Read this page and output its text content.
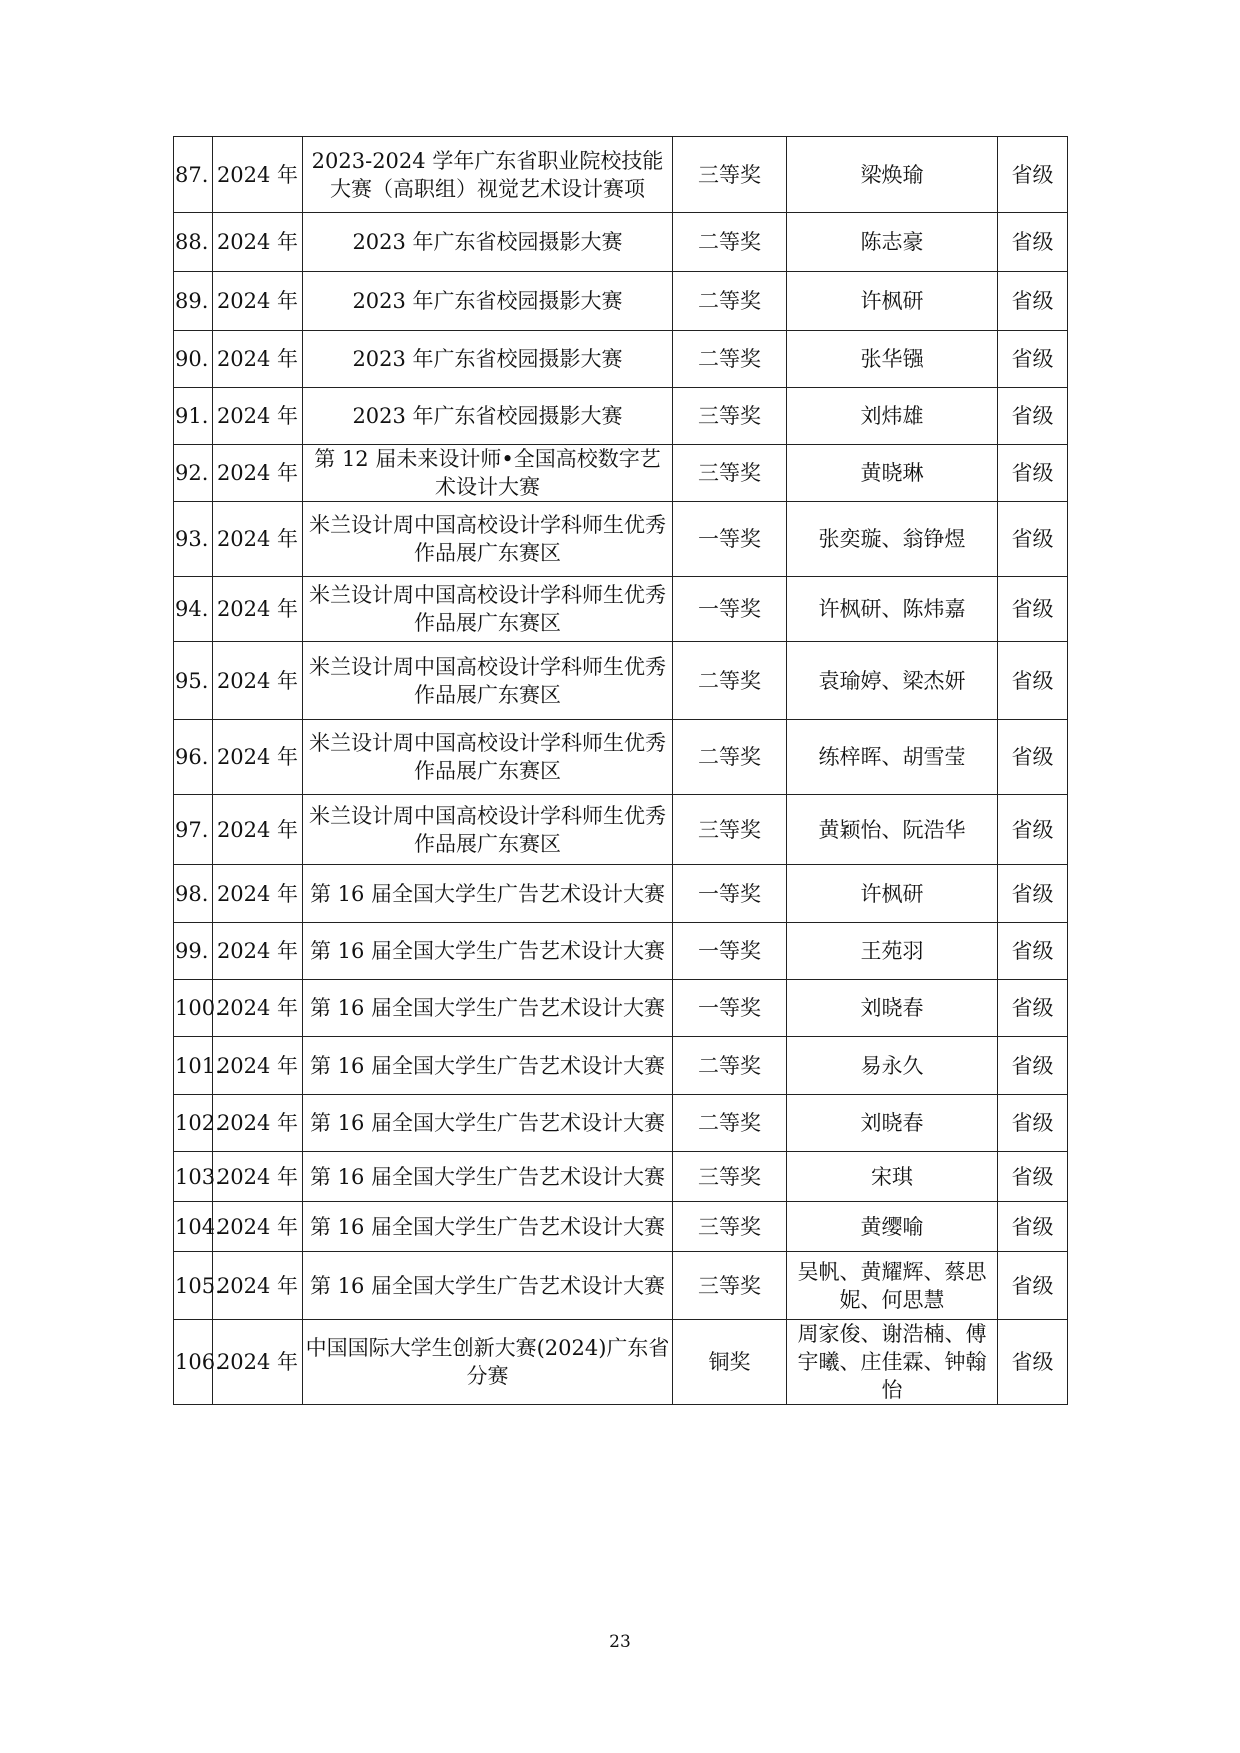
87.	2024 年	2023-2024 学年广东省职业院校技能大赛（高职组）视觉艺术设计赛项	三等奖	梁焕瑜	省级
88.	2024 年	2023 年广东省校园摄影大赛	二等奖	陈志豪	省级
89.	2024 年	2023 年广东省校园摄影大赛	二等奖	许枫研	省级
90.	2024 年	2023 年广东省校园摄影大赛	二等奖	张华镪	省级
91.	2024 年	2023 年广东省校园摄影大赛	三等奖	刘炜雄	省级
92.	2024 年	第 12 届未来设计师•全国高校数字艺术设计大赛	三等奖	黄晓琳	省级
93.	2024 年	米兰设计周中国高校设计学科师生优秀作品展广东赛区	一等奖	张奕璇、翁铮煜	省级
94.	2024 年	米兰设计周中国高校设计学科师生优秀作品展广东赛区	一等奖	许枫研、陈炜嘉	省级
95.	2024 年	米兰设计周中国高校设计学科师生优秀作品展广东赛区	二等奖	袁瑜婷、梁杰妍	省级
96.	2024 年	米兰设计周中国高校设计学科师生优秀作品展广东赛区	二等奖	练梓晖、胡雪莹	省级
97.	2024 年	米兰设计周中国高校设计学科师生优秀作品展广东赛区	三等奖	黄颖怡、阮浩华	省级
98.	2024 年	第 16 届全国大学生广告艺术设计大赛	一等奖	许枫研	省级
99.	2024 年	第 16 届全国大学生广告艺术设计大赛	一等奖	王苑羽	省级
100.	2024 年	第 16 届全国大学生广告艺术设计大赛	一等奖	刘晓春	省级
101.	2024 年	第 16 届全国大学生广告艺术设计大赛	二等奖	易永久	省级
102.	2024 年	第 16 届全国大学生广告艺术设计大赛	二等奖	刘晓春	省级
103.	2024 年	第 16 届全国大学生广告艺术设计大赛	三等奖	宋琪	省级
104.	2024 年	第 16 届全国大学生广告艺术设计大赛	三等奖	黄缨喻	省级
105.	2024 年	第 16 届全国大学生广告艺术设计大赛	三等奖	吴帆、黄耀辉、蔡思妮、何思慧	省级
106.	2024 年	中国国际大学生创新大赛(2024)广东省分赛	铜奖	周家俊、谢浩楠、傅宇曦、庄佳霖、钟翰怡	省级
23
